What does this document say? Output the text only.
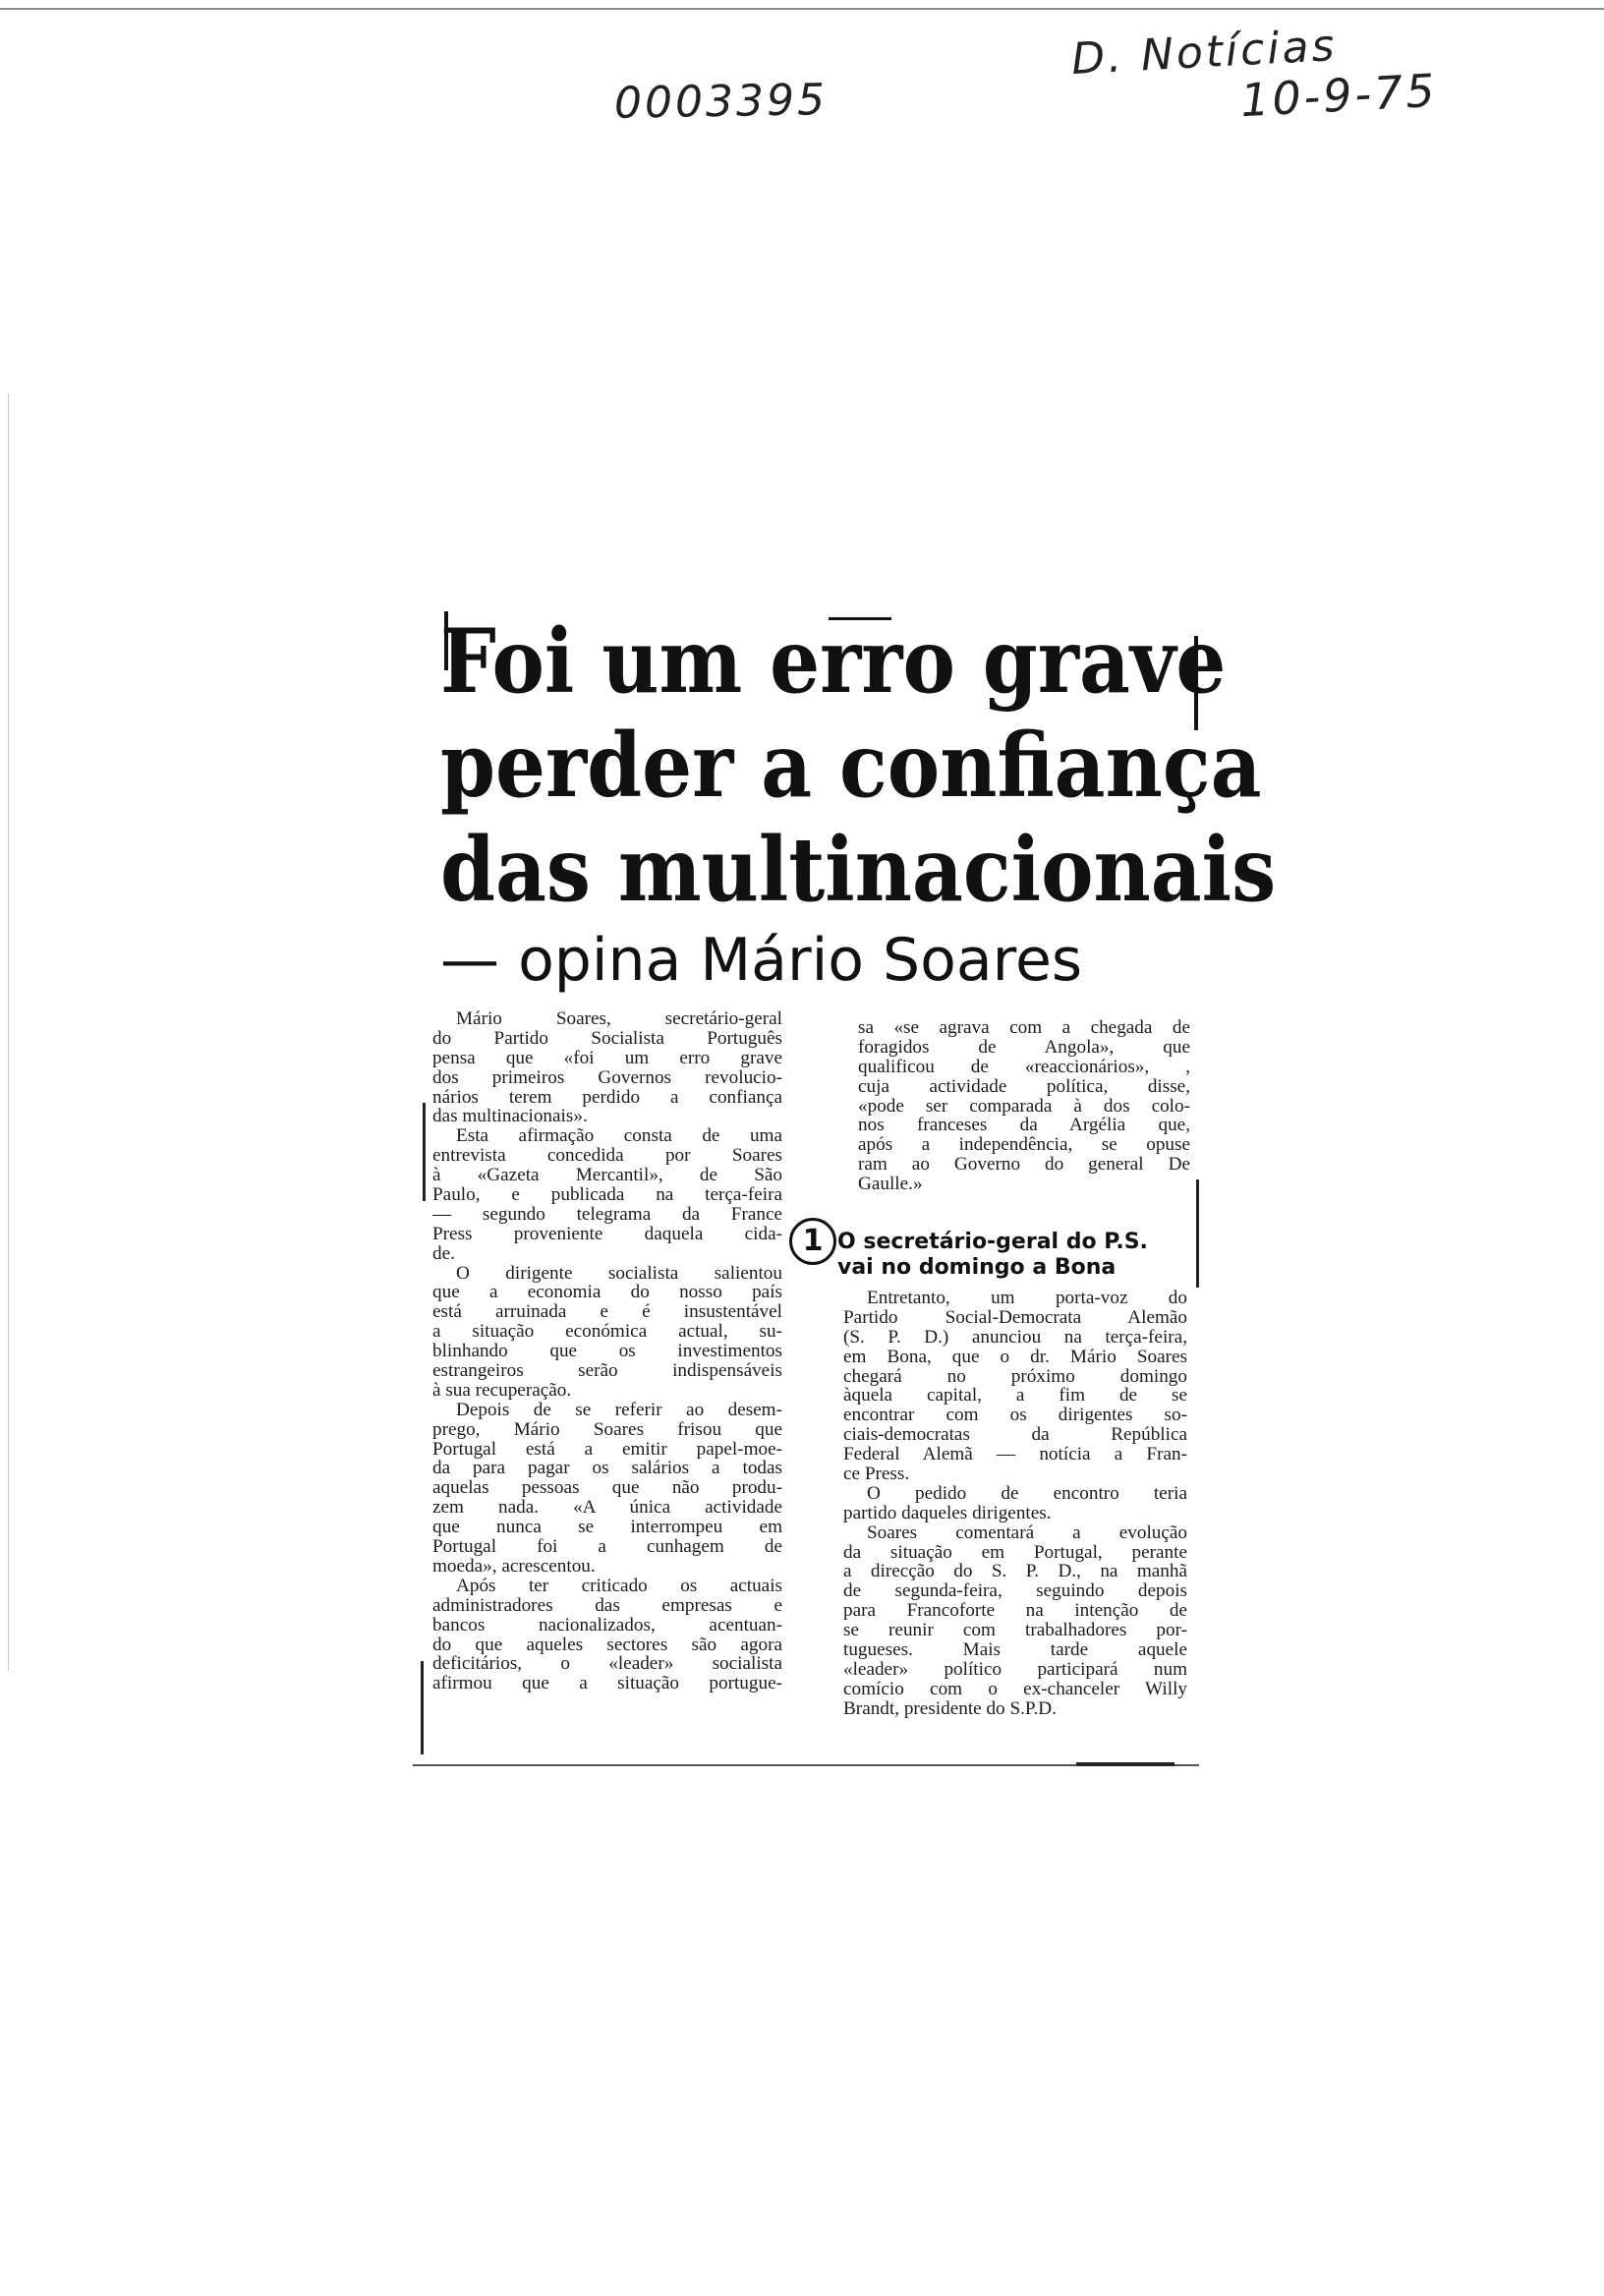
0003395
D. Notícias
10-9-75
Foi um erro grave
perder a confiança
das multinacionais
— opina Mário Soares
Mário Soares, secretário-geral
do Partido Socialista Português
pensa que «foi um erro grave
dos primeiros Governos revolucio-
nários terem perdido a confiança
das multinacionais».
Esta afirmação consta de uma
entrevista concedida por Soares
à «Gazeta Mercantil», de São
Paulo, e publicada na terça-feira
— segundo telegrama da France
Press proveniente daquela cida-
de.
O dirigente socialista salientou
que a economia do nosso país
está arruinada e é insustentável
a situação económica actual, su-
blinhando que os investimentos
estrangeiros serão indispensáveis
à sua recuperação.
Depois de se referir ao desem-
prego, Mário Soares frisou que
Portugal está a emitir papel-moe-
da para pagar os salários a todas
aquelas pessoas que não produ-
zem nada. «A única actividade
que nunca se interrompeu em
Portugal foi a cunhagem de
moeda», acrescentou.
Após ter criticado os actuais
administradores das empresas e
bancos nacionalizados, acentuan-
do que aqueles sectores são agora
deficitários, o «leader» socialista
afirmou que a situação portugue-
sa «se agrava com a chegada de
foragidos de Angola», que
qualificou de «reaccionários», ,
cuja actividade política, disse,
«pode ser comparada à dos colo-
nos franceses da Argélia que,
após a independência, se opuse
ram ao Governo do general De
Gaulle.»
1 O secretário-geral do P.S.
vai no domingo a Bona
Entretanto, um porta-voz do
Partido Social-Democrata Alemão
(S. P. D.) anunciou na terça-feira,
em Bona, que o dr. Mário Soares
chegará no próximo domingo
àquela capital, a fim de se
encontrar com os dirigentes so-
ciais-democratas da República
Federal Alemã — notícia a Fran-
ce Press.
O pedido de encontro teria
partido daqueles dirigentes.
Soares comentará a evolução
da situação em Portugal, perante
a direcção do S. P. D., na manhã
de segunda-feira, seguindo depois
para Francoforte na intenção de
se reunir com trabalhadores por-
tugueses. Mais tarde aquele
«leader» político participará num
comício com o ex-chanceler Willy
Brandt, presidente do S.P.D.
